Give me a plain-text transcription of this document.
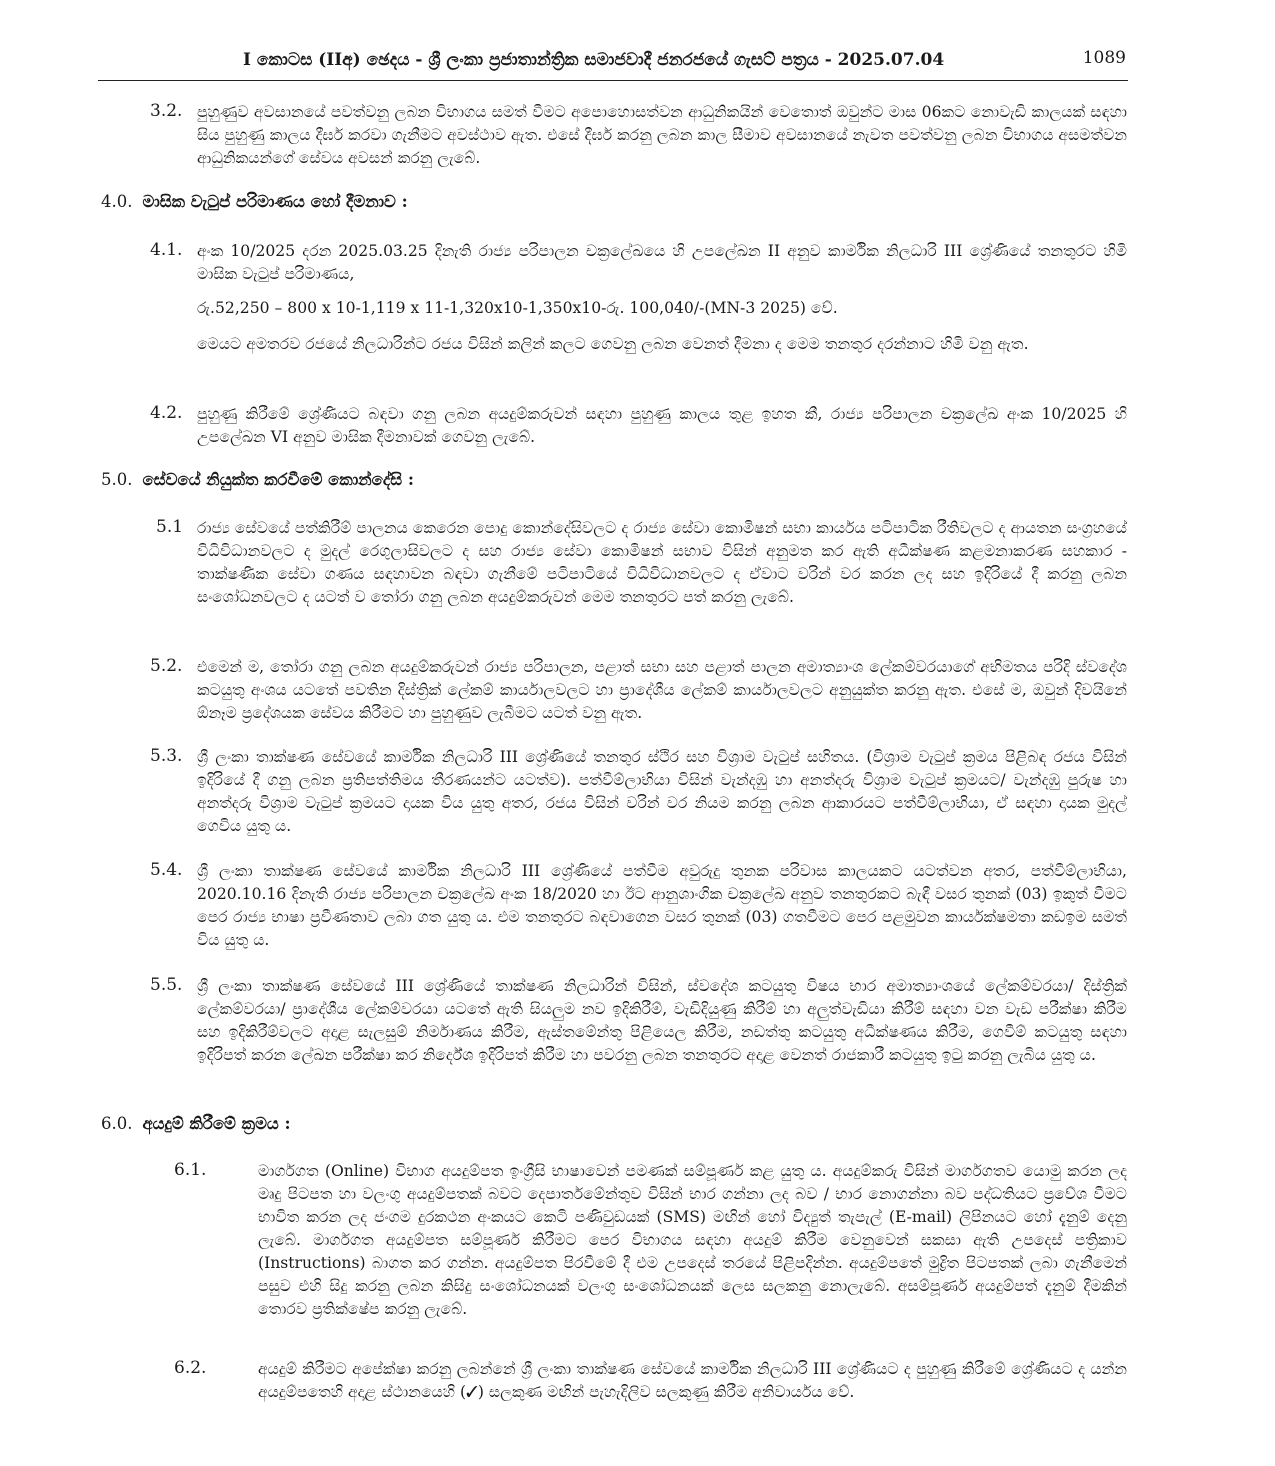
I කොටස (IIඅ) ඡෙදය - ශ්‍රී ලංකා ප්‍රජාතාන්ත්‍රික සමාජවාදී ජනරජයේ ගැසට් පත්‍රය - 2025.07.04	1089
3.2. පුහුණුව අවසානයේ පවත්වනු ලබන විභාගය සමත් වීමට අපොහොසත්වන ආධුනිකයින් වෙතොත් ඔවුන්ට මාස 06කට නොවැඩි කාලයක් සඳහා සිය පුහුණු කාලය දීර්ඝ කරවා ගැනීමට අවස්ථාව ඇත. එසේ දීර්ඝ කරනු ලබන කාල සීමාව අවසානයේ නැවත පවත්වනු ලබන විභාගය අසමත්වන ආධුනිකයන්ගේ සේවය අවසන් කරනු ලැබේ.
4.0. මාසික වැටුප් පරිමාණය හෝ දීමනාව :
4.1. අංක 10/2025 දරන 2025.03.25 දිනැති රාජ්‍ය පරිපාලන චක්‍රලේඛයෙ හි උපලේඛන II අනුව කාර්මික නිලධාරි III ශ්‍රේණියේ තනතුරට හිමි මාසික වැටුප් පරිමාණය,
රු.52,250 – 800 x 10-1,119 x 11-1,320x10-1,350x10-රු. 100,040/-(MN-3 2025) වේ.
මෙයට අමතරව රජයේ නිලධාරින්ට රජය විසින් කලින් කලට ගෙවනු ලබන වෙනත් දීමනා ද මෙම තනතුර දරන්නාට හිමි වනු ඇත.
4.2. පුහුණු කිරීමේ ශ්‍රේණියට බඳවා ගනු ලබන අයදුම්කරුවන් සඳහා පුහුණු කාලය තුළ ඉහත කී, රාජ්‍ය පරිපාලන චක්‍රලේඛ අංක 10/2025 හි උපලේඛන VI අනුව මාසික දීමනාවක් ගෙවනු ලැබේ.
5.0. සේවයේ නියුක්ත කරවීමේ කොන්දේසි :
5.1 රාජ්‍ය සේවයේ පත්කිරීම් පාලනය කෙරෙන පොදු කොන්දේසිවලට ද රාජ්‍ය සේවා කොමිෂන් සභා කාර්යය පටිපාටික රීතිවලට ද ආයතන සංග්‍රහයේ විධිවිධානවලට ද මුදල් රෙගුලාසිවලට ද සහ රාජ්‍ය සේවා කොමිෂන් සභාව විසින් අනුමත කර ඇති අධීක්ෂණ කළමනාකරණ සහකාර - තාක්ෂණික සේවා ගණය සඳහාවන බඳවා ගැනීමේ පටිපාටියේ විධිවිධානවලට ද ඒවාට වරින් වර කරන ලද සහ ඉදිරියේ දී කරනු ලබන සංශෝධනවලට ද යටත් ව තෝරා ගනු ලබන අයදුම්කරුවන් මෙම තනතුරට පත් කරනු ලැබේ.
5.2. එමෙන් ම, තෝරා ගනු ලබන අයදුම්කරුවන් රාජ්‍ය පරිපාලන, පළාත් සභා සහ පළාත් පාලන අමාත්‍යාංශ ලේකම්වරයාගේ අභිමතය පරිදි ස්වදේශ කටයුතු අංශය යටතේ පවතින දිස්ත්‍රික් ලේකම් කාර්යාලවලට හා ප්‍රාදේශීය ලේකම් කාර්යාලවලට අනුයුක්ත කරනු ඇත. එසේ ම, ඔවුන් දිවයිනේ ඕනෑම ප්‍රදේශයක සේවය කිරීමට හා පුහුණුව ලැබීමට යටත් වනු ඇත.
5.3. ශ්‍රී ලංකා තාක්ෂණ සේවයේ කාර්මික නිලධාරි III ශ්‍රේණියේ තනතුර ස්ථිර සහ විශ්‍රාම වැටුප් සහිතය. (විශ්‍රාම වැටුප් ක්‍රමය පිළිබඳ රජය විසින් ඉදිරියේ දී ගනු ලබන ප්‍රතිපත්තිමය තීරණයන්ට යටත්ව). පත්වීම්ලාභියා විසින් වැන්දඹු හා අනත්දරු විශ්‍රාම වැටුප් ක්‍රමයට/ වැන්දඹු පුරුෂ හා අනත්දරු විශ්‍රාම වැටුප් ක්‍රමයට දායක විය යුතු අතර, රජය විසින් වරින් වර නියම කරනු ලබන ආකාරයට පත්වීම්ලාභියා, ඒ සඳහා දායක මුදල් ගෙවිය යුතු ය.
5.4. ශ්‍රී ලංකා තාක්ෂණ සේවයේ කාර්මික නිලධාරි III ශ්‍රේණියේ පත්වීම අවුරුදු තුනක පරිවාස කාලයකට යටත්වන අතර, පත්වීම්ලාභියා, 2020.10.16 දිනැති රාජ්‍ය පරිපාලන චක්‍රලේඛ අංක 18/2020 හා ඊට ආනුශාංගික චක්‍රලේඛ අනුව තනතුරකට බැඳී වසර තුනක් (03) ඉකුත් වීමට පෙර රාජ්‍ය භාෂා ප්‍රවීණතාව ලබා ගත යුතු ය. එම තනතුරට බඳවාගෙන වසර තුනක් (03) ගතවීමට පෙර පළමුවන කාර්යක්ෂමතා කඩඉම සමත් විය යුතු ය.
5.5. ශ්‍රී ලංකා තාක්ෂණ සේවයේ III ශ්‍රේණියේ තාක්ෂණ නිලධාරින් විසින්, ස්වදේශ කටයුතු විෂය භාර අමාත්‍යාංශයේ ලේකම්වරයා/ දිස්ත්‍රික් ලේකම්වරයා/ ප්‍රාදේශීය ලේකම්වරයා යටතේ ඇති සියලුම නව ඉදිකිරීම්, වැඩිදියුණු කිරීම් හා අලුත්වැඩියා කිරීම් සඳහා වන වැඩ පරීක්ෂා කිරීම සහ ඉදිකිරීම්වලට අදාළ සැලසුම් නිර්මාණය කිරීම, ඇස්තමේන්තු පිළියෙල කිරීම, නඩත්තු කටයුතු අධීක්ෂණය කිරීම, ගෙවීම් කටයුතු සඳහා ඉදිරිපත් කරන ලේඛන පරීක්ෂා කර නිර්දේශ ඉදිරිපත් කිරීම හා පවරනු ලබන තනතුරට අදාළ වෙනත් රාජකාරී කටයුතු ඉටු කරනු ලැබිය යුතු ය.
6.0. අයදුම් කිරීමේ ක්‍රමය :
6.1.	මාර්ගගත (Online) විභාග අයදුම්පත ඉංග්‍රීසි භාෂාවෙන් පමණක් සම්පූර්ණ කළ යුතු ය. අයදුම්කරු විසින් මාර්ගගතව යොමු කරන ලද මෘදු පිටපත හා වලංගු අයදුම්පතක් බවට දෙපාර්තමේන්තුව විසින් භාර ගන්නා ලද බව / භාර නොගන්නා බව පද්ධතියට ප්‍රවේශ වීමට භාවිත කරන ලද ජංගම දුරකථන අංකයට කෙටි පණිවුඩයක් (SMS) මඟින් හෝ විද්‍යුත් තැපැල් (E-mail) ලිපිනයට හෝ දැනුම් දෙනු ලැබේ. මාර්ගගත අයදුම්පත සම්පූර්ණ කිරීමට පෙර විභාගය සඳහා අයදුම් කිරීම වෙනුවෙන් සකසා ඇති උපදෙස් පත්‍රිකාව (Instructions) බාගත කර ගන්න. අයදුම්පත පිරවීමේ දී එම උපදෙස් තරයේ පිළිපදින්න. අයදුම්පතේ මුද්‍රිත පිටපතක් ලබා ගැනීමෙන් පසුව එහි සිදු කරනු ලබන කිසිදු සංශෝධනයක් වලංගු සංශෝධනයක් ලෙස සලකනු නොලැබේ. අසම්පූර්ණ අයදුම්පත් දැනුම් දීමකින් තොරව ප්‍රතික්ෂේප කරනු ලැබේ.
6.2.	අයදුම් කිරීමට අපේක්ෂා කරනු ලබන්නේ ශ්‍රී ලංකා තාක්ෂණ සේවයේ කාර්මික නිලධාරි III ශ්‍රේණියට ද පුහුණු කිරීමේ ශ්‍රේණියට ද යන්න අයදුම්පතෙහි අදාළ ස්ථානයෙහි (✓) සලකුණ මඟින් පැහැදිලිව සලකුණු කිරීම අනිවාර්යය වේ.
